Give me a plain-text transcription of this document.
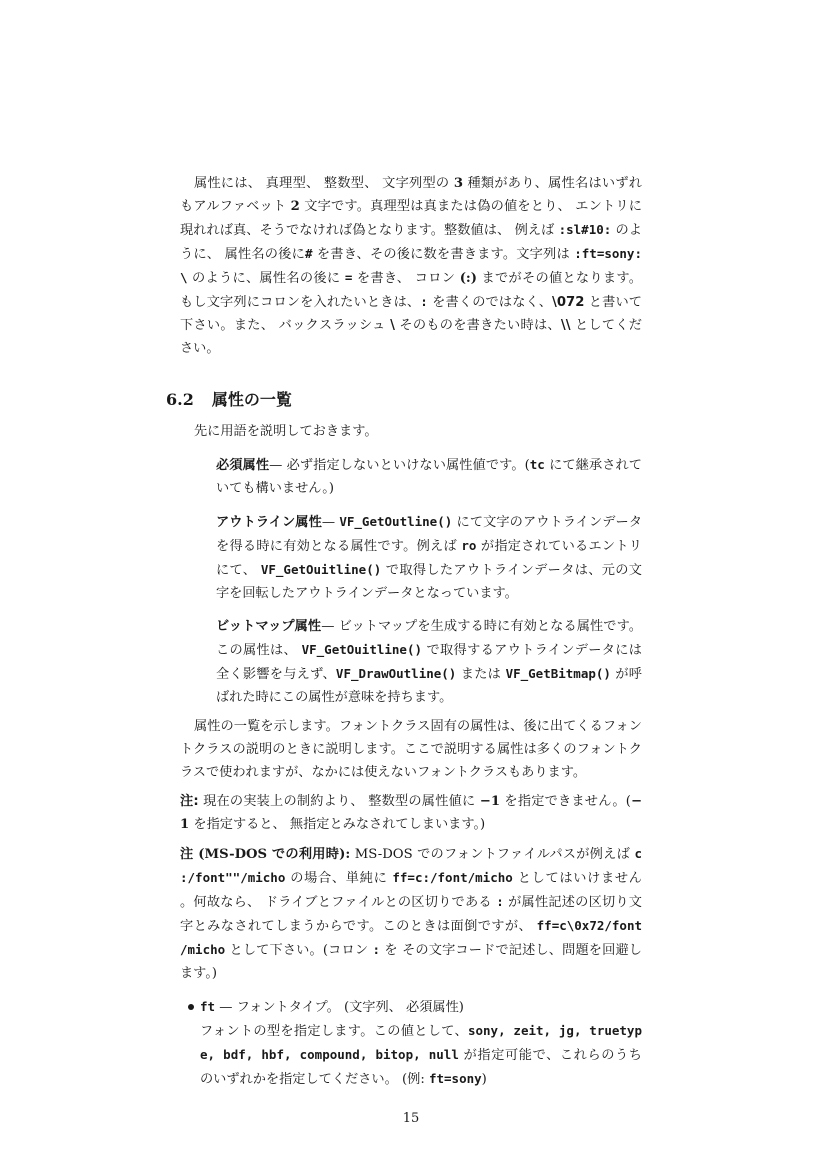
属性には、 真理型、 整数型、 文字列型の 3 種類があり、属性名はいずれもアルファベット 2 文字です。真理型は真または偽の値をとり、 エントリに現れれば真、そうでなければ偽となります。整数値は、 例えば :sl#10: のように、 属性名の後に# を書き、その後に数を書きます。文字列は :ft=sony:\ のように、属性名の後に = を書き、 コロン (:) までがその値となります。もし文字列にコロンを入れたいときは、: を書くのではなく、\072 と書いて下さい。また、 バックスラッシュ \ そのものを書きたい時は、\\ としてください。

6.2 属性の一覧

先に用語を説明しておきます。

必須属性— 必ず指定しないといけない属性値です。(tc にて継承されていても構いません。)

アウトライン属性— VF_GetOutline() にて文字のアウトラインデータを得る時に有効となる属性です。例えば ro が指定されているエントリにて、 VF_GetOuitline() で取得したアウトラインデータは、元の文字を回転したアウトラインデータとなっています。

ビットマップ属性— ビットマップを生成する時に有効となる属性です。この属性は、 VF_GetOuitline() で取得するアウトラインデータには全く影響を与えず、VF_DrawOutline() または VF_GetBitmap() が呼ばれた時にこの属性が意味を持ちます。

属性の一覧を示します。フォントクラス固有の属性は、後に出てくるフォントクラスの説明のときに説明します。ここで説明する属性は多くのフォントクラスで使われますが、なかには使えないフォントクラスもあります。

注: 現在の実装上の制約より、 整数型の属性値に −1 を指定できません。(−1 を指定すると、 無指定とみなされてしまいます。)

注 (MS-DOS での利用時): MS-DOS でのフォントファイルパスが例えば c:/font""/micho の場合、単純に ff=c:/font/micho としてはいけません。何故なら、 ドライブとファイルとの区切りである : が属性記述の区切り文字とみなされてしまうからです。このときは面倒ですが、 ff=c\0x72/font /micho として下さい。(コロン : を その文字コードで記述し、問題を回避します。)

ft — フォントタイプ。 (文字列、 必須属性)

フォントの型を指定します。この値として、sony, zeit, jg, truetype, bdf, hbf, compound, bitop, null が指定可能で、これらのうちのいずれかを指定してください。 (例: ft=sony)

15
